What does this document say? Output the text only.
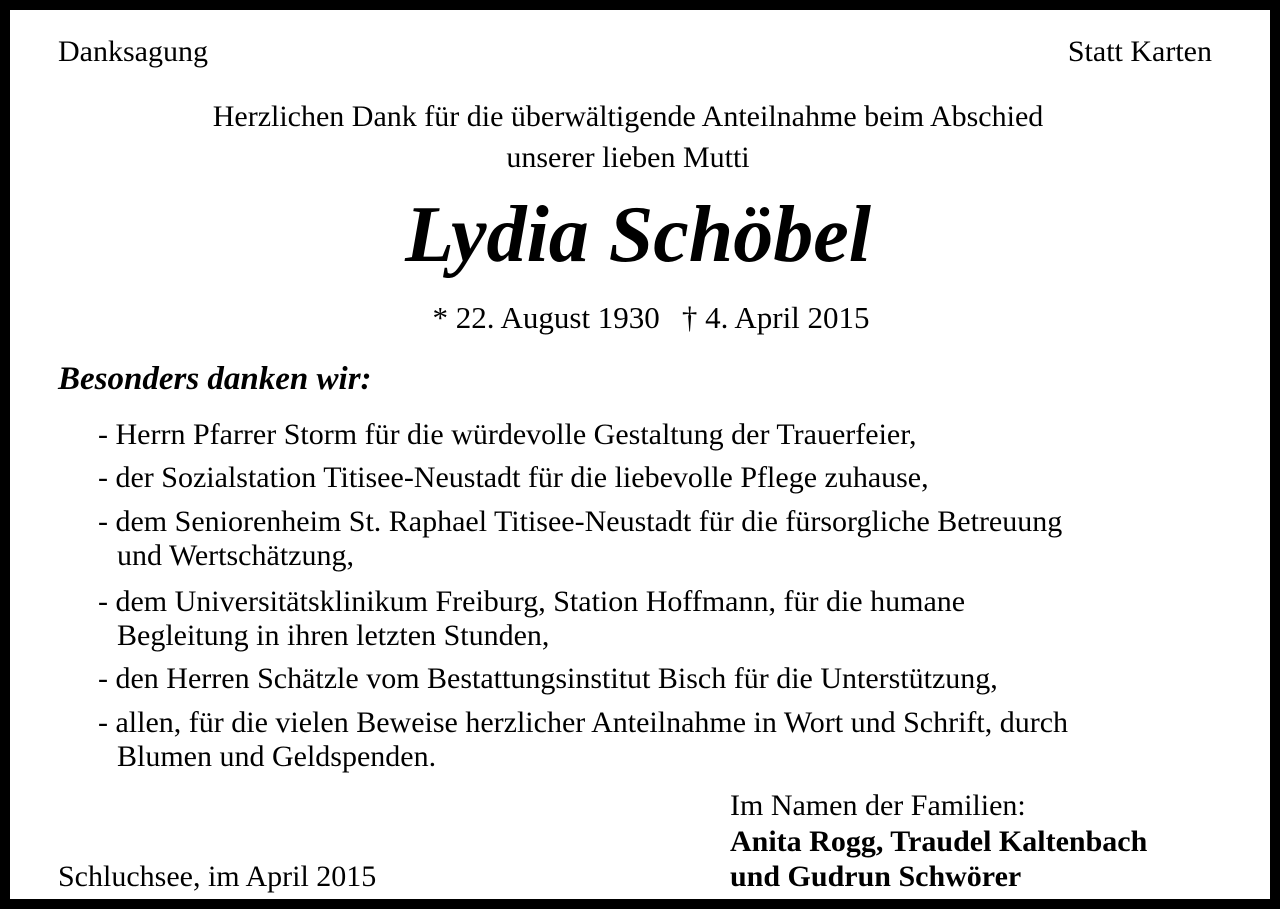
Danksagung	Statt Karten
Herzlichen Dank für die überwältigende Anteilnahme beim Abschied
unserer lieben Mutti
Lydia Schöbel
* 22. August 1930 † 4. April 2015
Besonders danken wir:
- Herrn Pfarrer Storm für die würdevolle Gestaltung der Trauerfeier,
- der Sozialstation Titisee-Neustadt für die liebevolle Pflege zuhause,
- dem Seniorenheim St. Raphael Titisee-Neustadt für die fürsorgliche Betreuung
und Wertschätzung,
- dem Universitätsklinikum Freiburg, Station Hoffmann, für die humane
Begleitung in ihren letzten Stunden,
- den Herren Schätzle vom Bestattungsinstitut Bisch für die Unterstützung,
- allen, für die vielen Beweise herzlicher Anteilnahme in Wort und Schrift, durch
Blumen und Geldspenden.
Im Namen der Familien:
Anita Rogg, Traudel Kaltenbach
und Gudrun Schwörer
Schluchsee, im April 2015
